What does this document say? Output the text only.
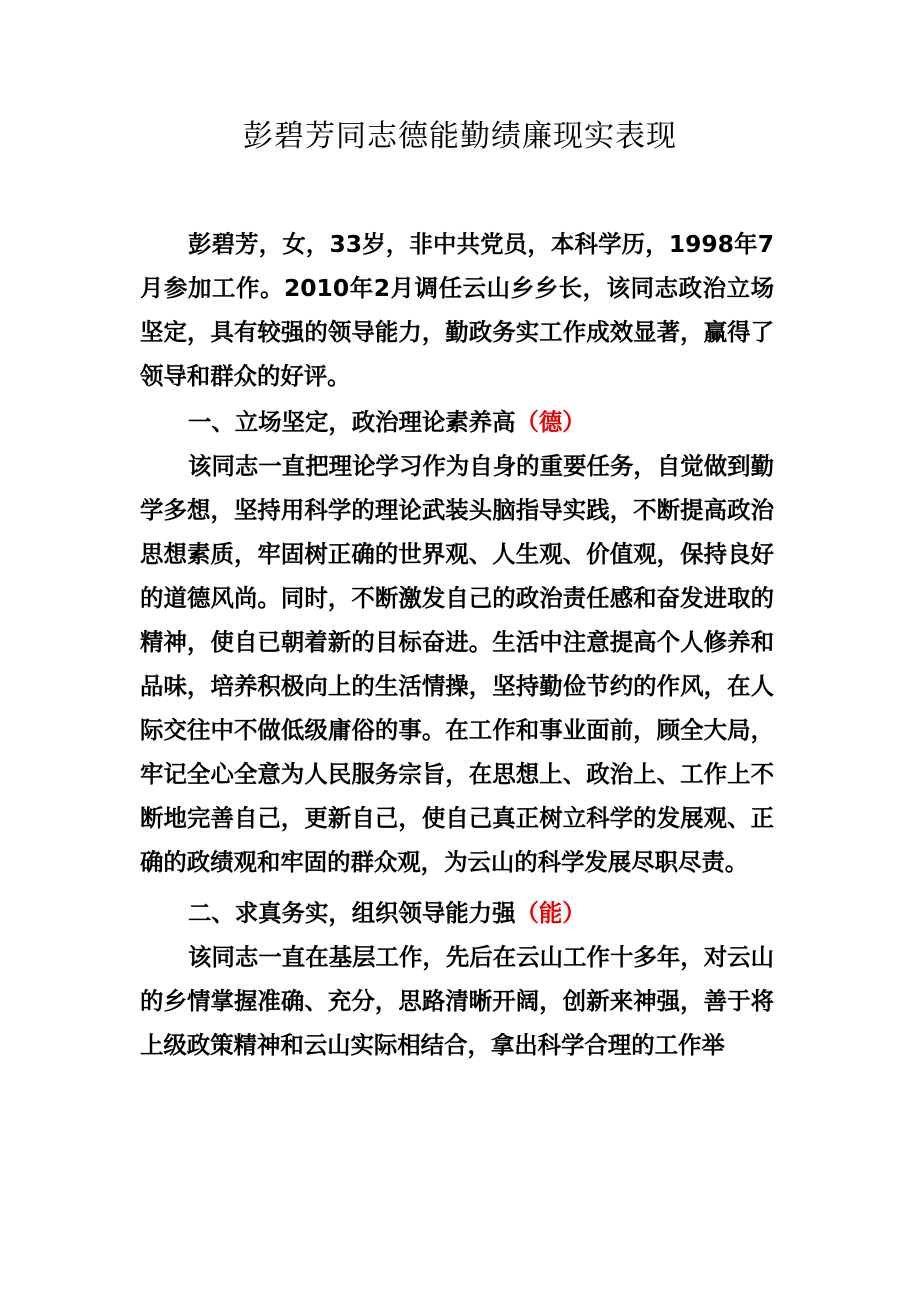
彭碧芳同志德能勤绩廉现实表现

彭碧芳，女，33岁，非中共党员，本科学历，1998年7月参加工作。2010年2月调任云山乡乡长，该同志政治立场坚定，具有较强的领导能力，勤政务实工作成效显著，赢得了领导和群众的好评。

一、立场坚定，政治理论素养高（德）

该同志一直把理论学习作为自身的重要任务，自觉做到勤学多想，坚持用科学的理论武装头脑指导实践，不断提高政治思想素质，牢固树正确的世界观、人生观、价值观，保持良好的道德风尚。同时，不断激发自己的政治责任感和奋发进取的精神，使自已朝着新的目标奋进。生活中注意提高个人修养和品味，培养积极向上的生活情操，坚持勤俭节约的作风，在人际交往中不做低级庸俗的事。在工作和事业面前，顾全大局，牢记全心全意为人民服务宗旨，在思想上、政治上、工作上不断地完善自己，更新自己，使自己真正树立科学的发展观、正确的政绩观和牢固的群众观，为云山的科学发展尽职尽责。

二、求真务实，组织领导能力强（能）

该同志一直在基层工作，先后在云山工作十多年，对云山的乡情掌握准确、充分，思路清晰开阔，创新来神强，善于将上级政策精神和云山实际相结合，拿出科学合理的工作举
